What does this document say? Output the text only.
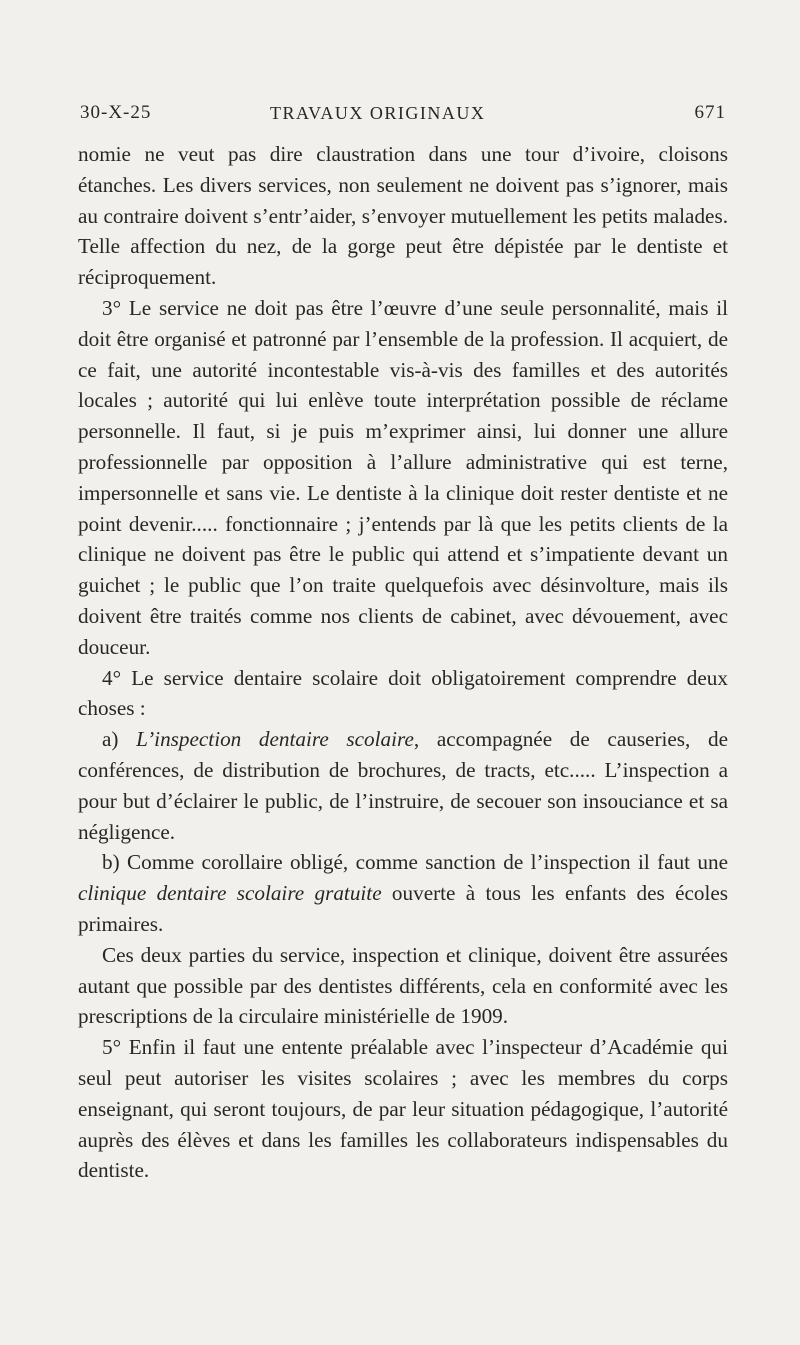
30-X-25	TRAVAUX ORIGINAUX	671

nomie ne veut pas dire claustration dans une tour d’ivoire, cloisons étanches. Les divers services, non seulement ne doivent pas s’ignorer, mais au contraire doivent s’entr’aider, s’envoyer mutuellement les petits malades. Telle affection du nez, de la gorge peut être dépistée par le dentiste et réciproquement.

3° Le service ne doit pas être l’œuvre d’une seule personnalité, mais il doit être organisé et patronné par l’ensemble de la profession. Il acquiert, de ce fait, une autorité incontestable vis-à-vis des familles et des autorités locales ; autorité qui lui enlève toute interprétation possible de réclame personnelle. Il faut, si je puis m’exprimer ainsi, lui donner une allure professionnelle par opposition à l’allure administrative qui est terne, impersonnelle et sans vie. Le dentiste à la clinique doit rester dentiste et ne point devenir..... fonctionnaire ; j’entends par là que les petits clients de la clinique ne doivent pas être le public qui attend et s’impatiente devant un guichet ; le public que l’on traite quelquefois avec désinvolture, mais ils doivent être traités comme nos clients de cabinet, avec dévouement, avec douceur.

4° Le service dentaire scolaire doit obligatoirement comprendre deux choses :

a) L’inspection dentaire scolaire, accompagnée de causeries, de conférences, de distribution de brochures, de tracts, etc..... L’inspection a pour but d’éclairer le public, de l’instruire, de secouer son insouciance et sa négligence.

b) Comme corollaire obligé, comme sanction de l’inspection il faut une clinique dentaire scolaire gratuite ouverte à tous les enfants des écoles primaires.

Ces deux parties du service, inspection et clinique, doivent être assurées autant que possible par des dentistes différents, cela en conformité avec les prescriptions de la circulaire ministérielle de 1909.

5° Enfin il faut une entente préalable avec l’inspecteur d’Académie qui seul peut autoriser les visites scolaires ; avec les membres du corps enseignant, qui seront toujours, de par leur situation pédagogique, l’autorité auprès des élèves et dans les familles les collaborateurs indispensables du dentiste.
